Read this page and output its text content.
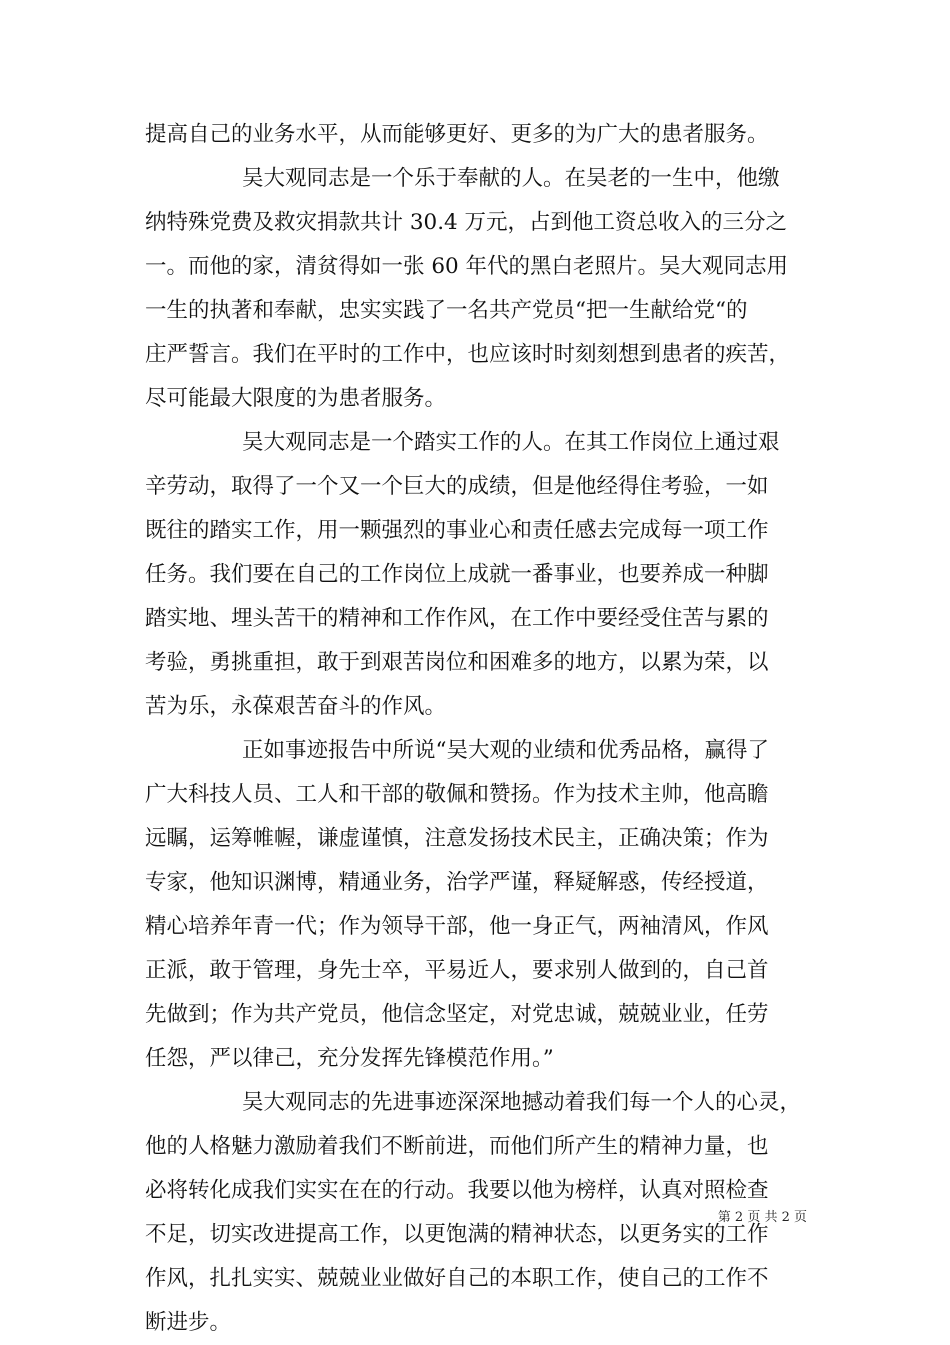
提高自己的业务水平，从而能够更好、更多的为广大的患者服务。
吴大观同志是一个乐于奉献的人。在吴老的一生中，他缴
纳特殊党费及救灾捐款共计 30.4 万元，占到他工资总收入的三分之
一。而他的家，清贫得如一张 60 年代的黑白老照片。吴大观同志用
一生的执著和奉献，忠实实践了一名共产党员“把一生献给党“的
庄严誓言。我们在平时的工作中，也应该时时刻刻想到患者的疾苦，
尽可能最大限度的为患者服务。
吴大观同志是一个踏实工作的人。在其工作岗位上通过艰
辛劳动，取得了一个又一个巨大的成绩，但是他经得住考验，一如
既往的踏实工作，用一颗强烈的事业心和责任感去完成每一项工作
任务。我们要在自己的工作岗位上成就一番事业，也要养成一种脚
踏实地、埋头苦干的精神和工作作风，在工作中要经受住苦与累的
考验，勇挑重担，敢于到艰苦岗位和困难多的地方，以累为荣，以
苦为乐，永葆艰苦奋斗的作风。
正如事迹报告中所说“吴大观的业绩和优秀品格，赢得了
广大科技人员、工人和干部的敬佩和赞扬。作为技术主帅，他高瞻
远瞩，运筹帷幄，谦虚谨慎，注意发扬技术民主，正确决策；作为
专家，他知识渊博，精通业务，治学严谨，释疑解惑，传经授道，
精心培养年青一代；作为领导干部，他一身正气，两袖清风，作风
正派，敢于管理，身先士卒，平易近人，要求别人做到的，自己首
先做到；作为共产党员，他信念坚定，对党忠诚，兢兢业业，任劳
任怨，严以律己，充分发挥先锋模范作用。”
吴大观同志的先进事迹深深地撼动着我们每一个人的心灵，
他的人格魅力激励着我们不断前进，而他们所产生的精神力量，也
必将转化成我们实实在在的行动。我要以他为榜样，认真对照检查
不足，切实改进提高工作，以更饱满的精神状态，以更务实的工作
作风，扎扎实实、兢兢业业做好自己的本职工作，使自己的工作不
断进步。
第 2 页 共 2 页
